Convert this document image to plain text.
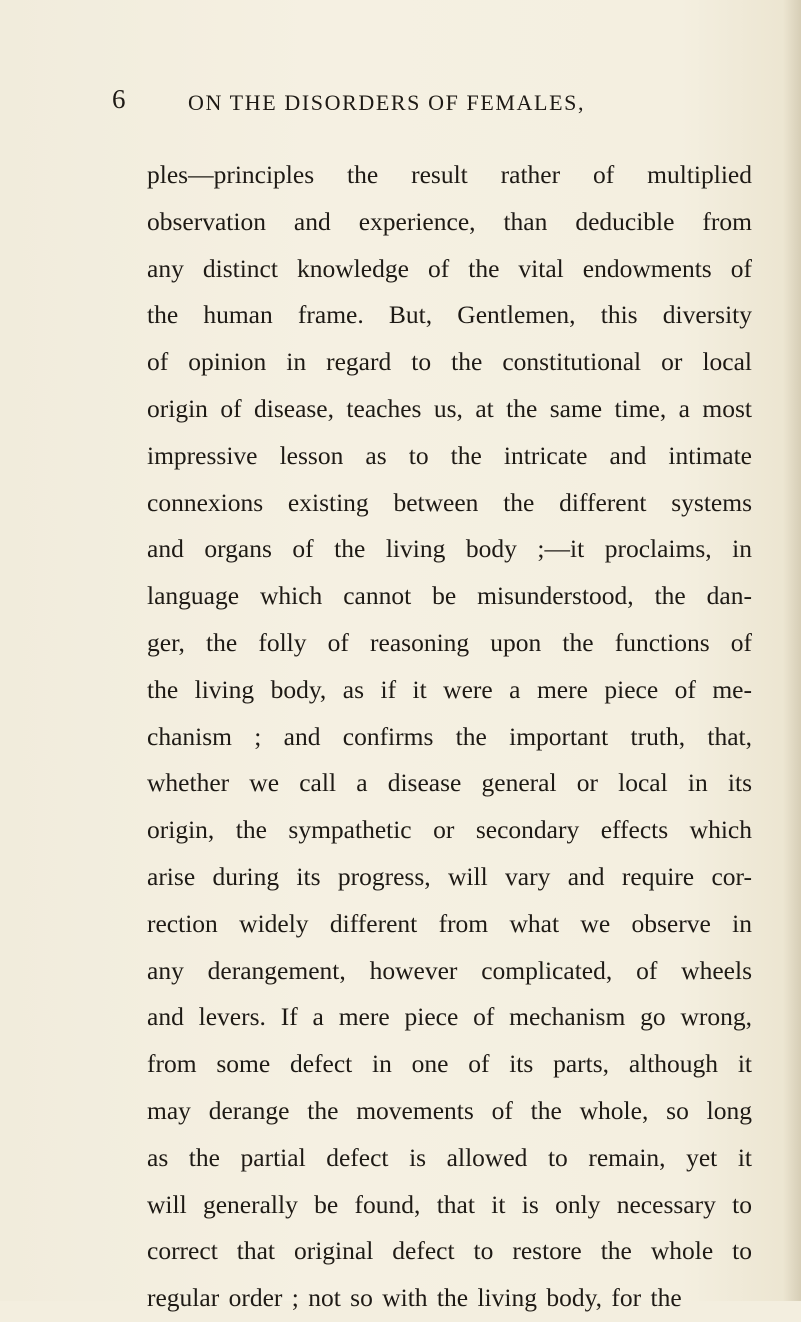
6	ON THE DISORDERS OF FEMALES,
ples—principles the result rather of multiplied
observation and experience, than deducible from
any distinct knowledge of the vital endowments of
the human frame. But, Gentlemen, this diversity
of opinion in regard to the constitutional or local
origin of disease, teaches us, at the same time, a most
impressive lesson as to the intricate and intimate
connexions existing between the different systems
and organs of the living body ;—it proclaims, in
language which cannot be misunderstood, the dan-
ger, the folly of reasoning upon the functions of
the living body, as if it were a mere piece of me-
chanism ; and confirms the important truth, that,
whether we call a disease general or local in its
origin, the sympathetic or secondary effects which
arise during its progress, will vary and require cor-
rection widely different from what we observe in
any derangement, however complicated, of wheels
and levers. If a mere piece of mechanism go wrong,
from some defect in one of its parts, although it
may derange the movements of the whole, so long
as the partial defect is allowed to remain, yet it
will generally be found, that it is only necessary to
correct that original defect to restore the whole to
regular order ; not so with the living body, for the
